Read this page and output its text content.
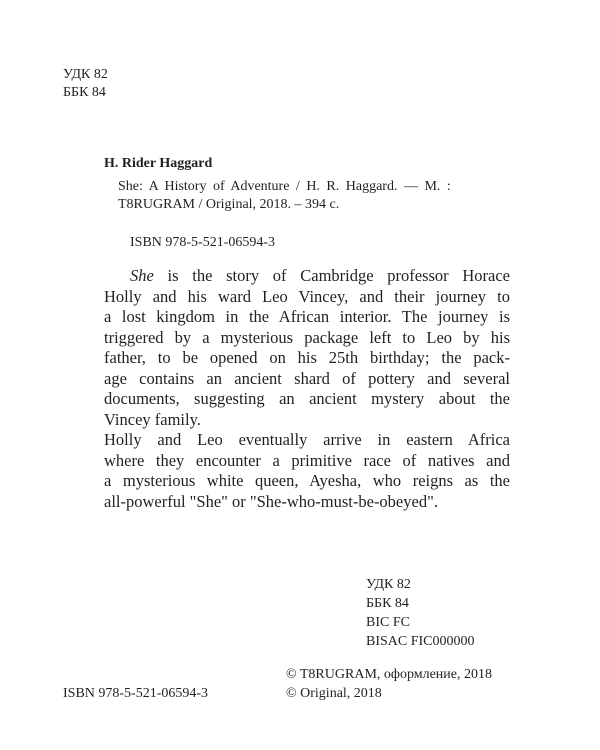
УДК 82
ББК 84
H. Rider Haggard
She: A History of Adventure / H. R. Haggard. — M. :
T8RUGRAM / Original, 2018. – 394 c.
ISBN 978-5-521-06594-3
She is the story of Cambridge professor Horace
Holly and his ward Leo Vincey, and their journey to
a lost kingdom in the African interior. The journey is
triggered by a mysterious package left to Leo by his
father, to be opened on his 25th birthday; the pack-
age contains an ancient shard of pottery and several
documents, suggesting an ancient mystery about the
Vincey family.
Holly and Leo eventually arrive in eastern Africa
where they encounter a primitive race of natives and
a mysterious white queen, Ayesha, who reigns as the
all-powerful "She" or "She-who-must-be-obeyed".
УДК 82
ББК 84
BIC FC
BISAC FIC000000
ISBN 978-5-521-06594-3
© T8RUGRAM, оформление, 2018
© Original, 2018
